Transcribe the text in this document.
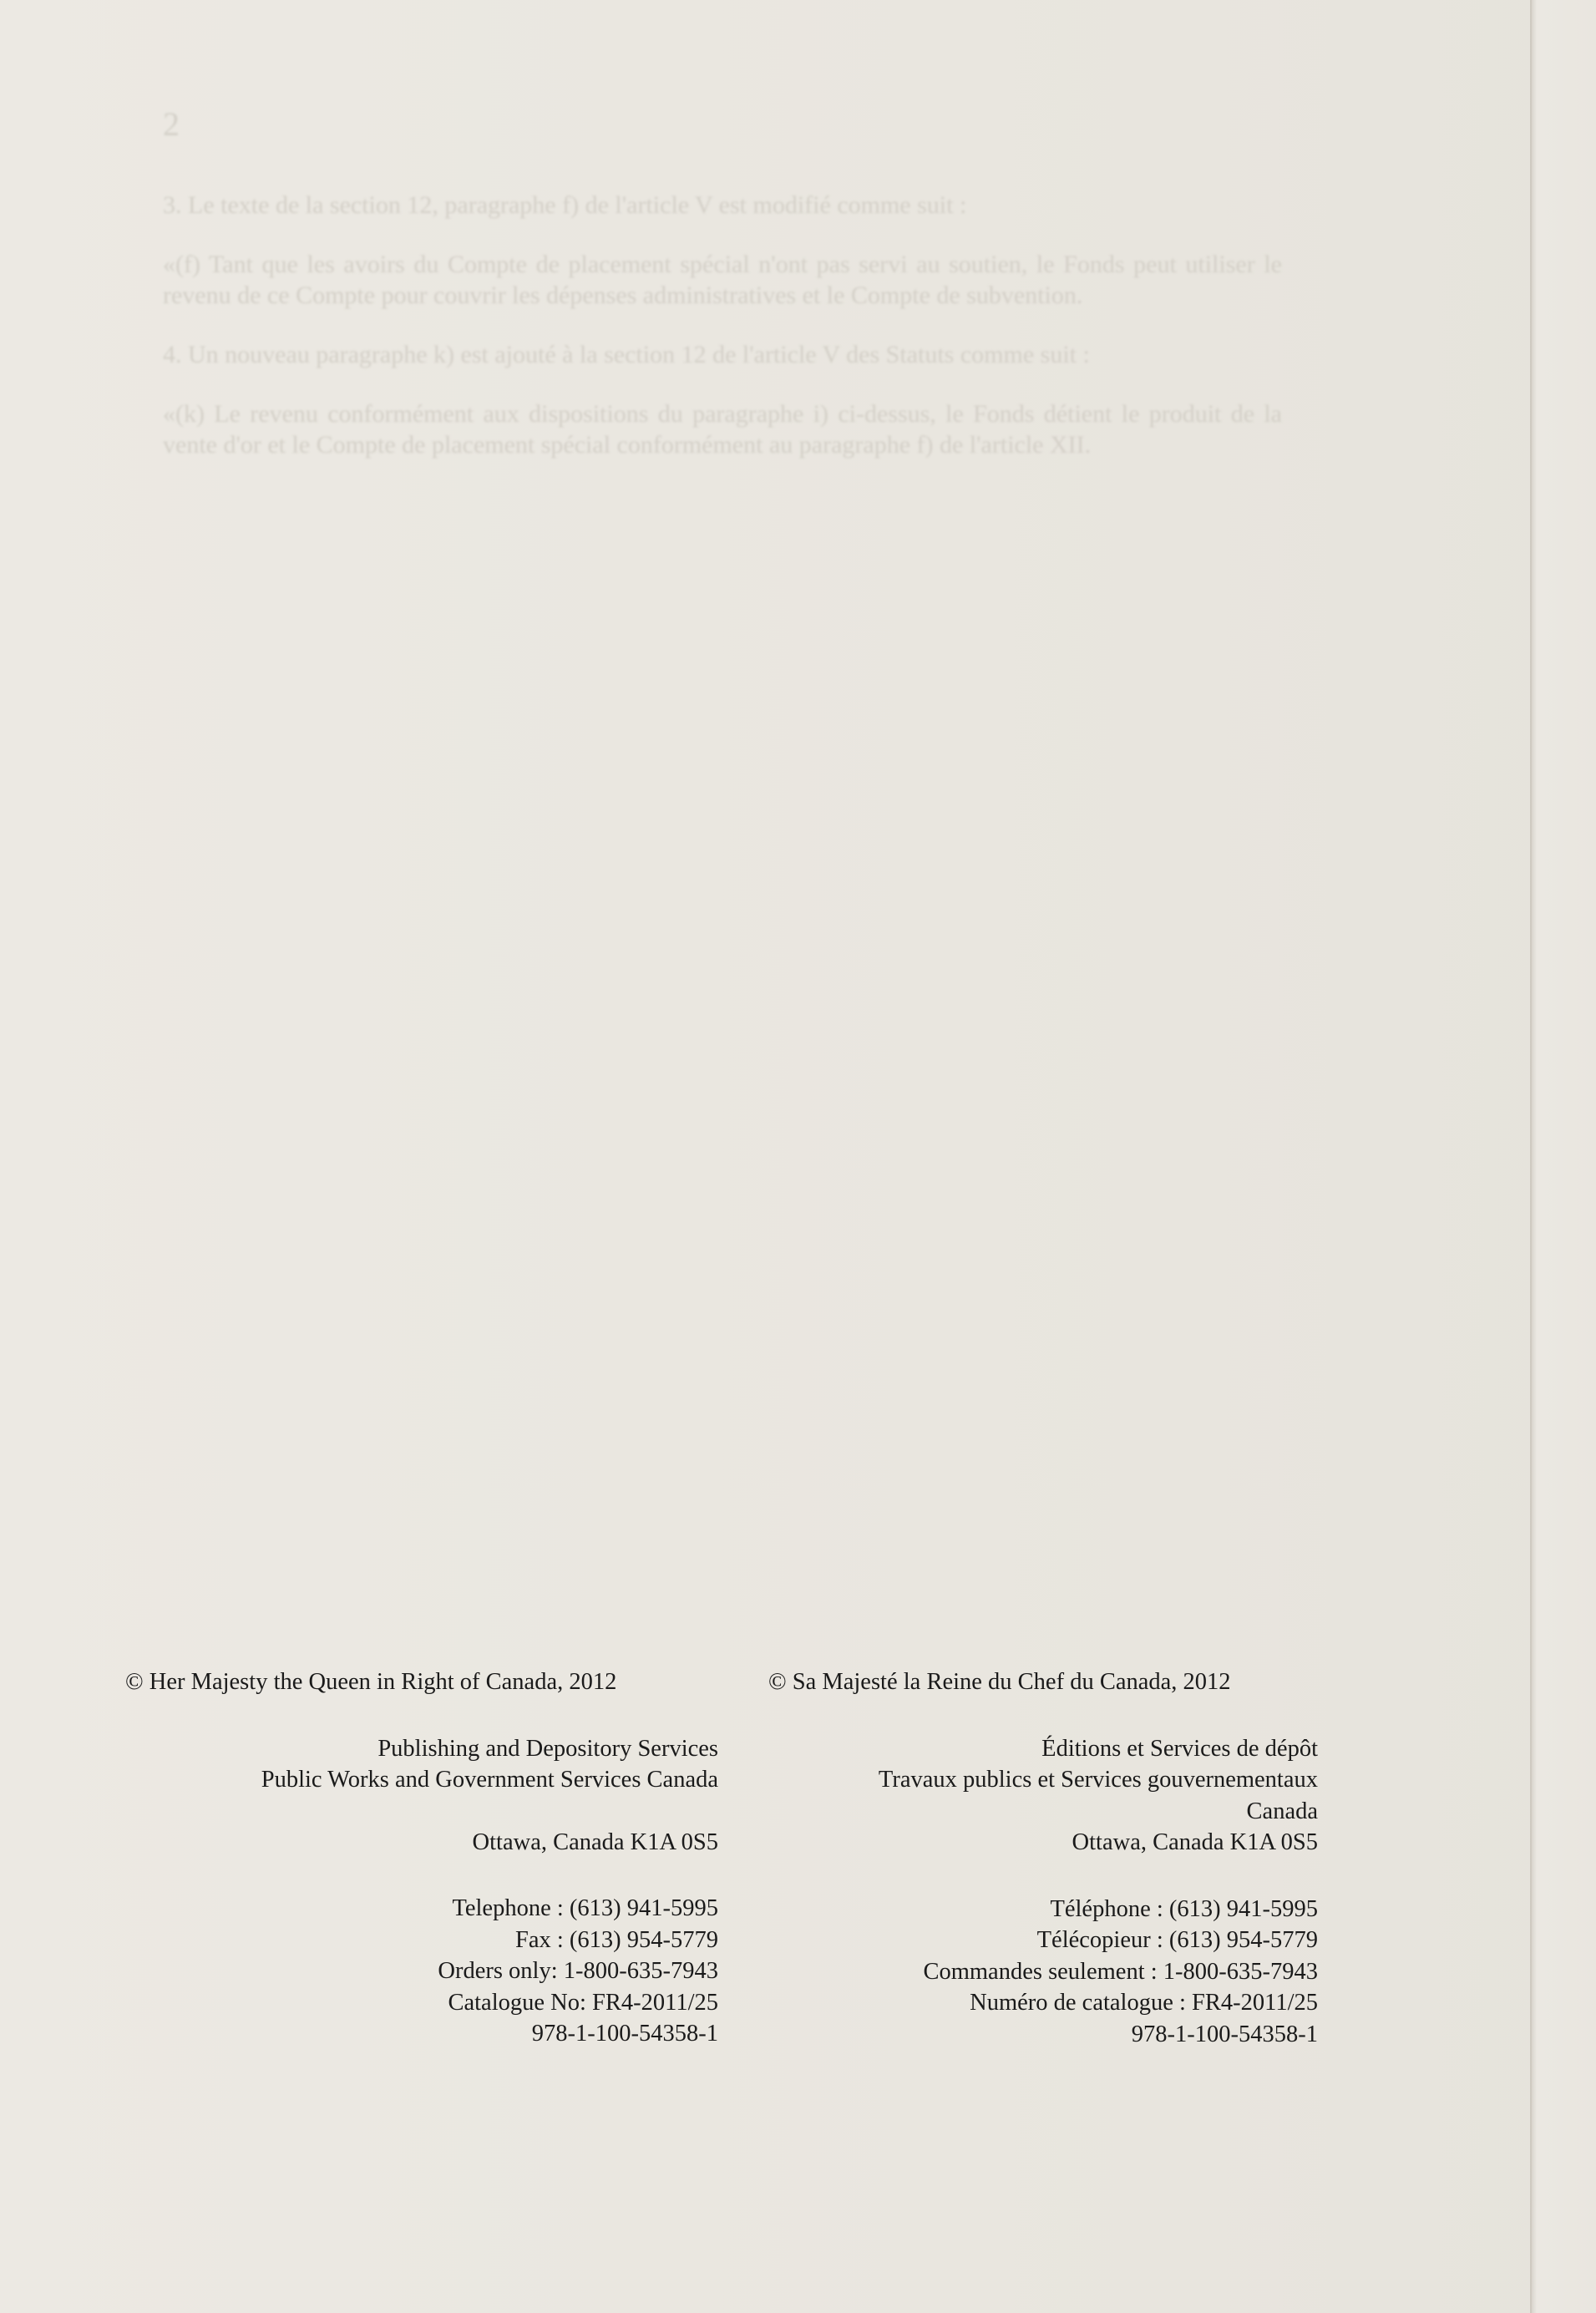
2

3. Le texte de la section 12, paragraphe f) de l'article V est modifié comme suit :

«(f) Tant que les avoirs du Compte de placement spécial n'ont pas servi au soutien, le Fonds peut utiliser le revenu de ce Compte pour couvrir les dépenses administratives et le Compte de subvention.

4. Un nouveau paragraphe k) est ajouté à la section 12 de l'article V des Statuts comme suit :

«(k) Le revenu conformément aux dispositions du paragraphe i) ci-dessus, le Fonds détient le produit de la vente d'or et le Compte de placement spécial conformément au paragraphe f) de l'article XII.

© Her Majesty the Queen in Right of Canada, 2012
Publishing and Depository Services
Public Works and Government Services Canada
Ottawa, Canada K1A 0S5
Telephone : (613) 941-5995
Fax : (613) 954-5779
Orders only: 1-800-635-7943
Catalogue No: FR4-2011/25
978-1-100-54358-1
© Sa Majesté la Reine du Chef du Canada, 2012
Éditions et Services de dépôt
Travaux publics et Services gouvernementaux
Canada
Ottawa, Canada K1A 0S5
Téléphone : (613) 941-5995
Télécopieur : (613) 954-5779
Commandes seulement : 1-800-635-7943
Numéro de catalogue : FR4-2011/25
978-1-100-54358-1
